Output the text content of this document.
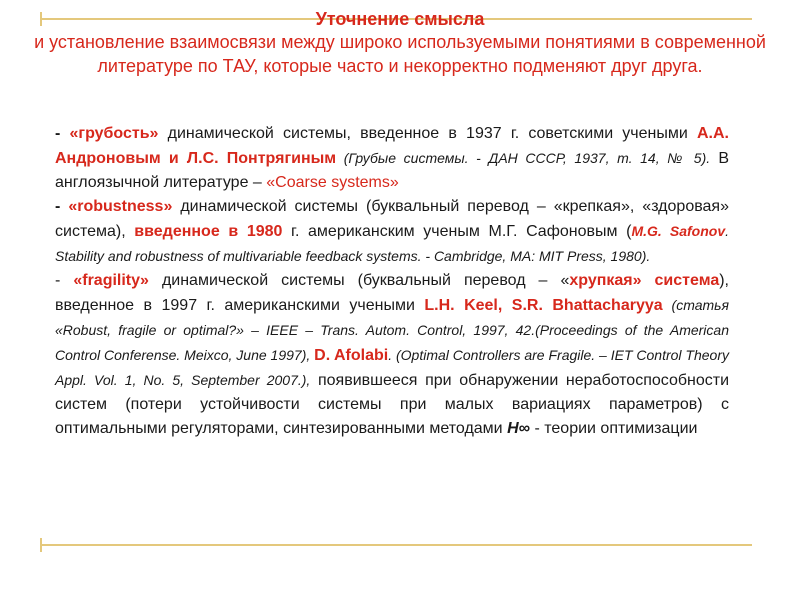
Уточнение смысла
и установление взаимосвязи между широко используемыми понятиями в современной литературе по ТАУ, которые часто и некорректно подменяют друг друга.

- «грубость» динамической системы, введенное в 1937 г. советскими учеными А.А. Андроновым и Л.С. Понтрягиным (Грубые системы. - ДАН СССР, 1937, т. 14, № 5). В англоязычной литературе – «Coarse systems»

- «robustness» динамической системы (буквальный перевод – «крепкая», «здоровая» система), введенное в 1980 г. американским ученым М.Г. Сафоновым (M.G. Safonov. Stability and robustness of multivariable feedback systems. - Cambridge, MA: MIT Press, 1980).

- «fragility» динамической системы (буквальный перевод – «хрупкая» система), введенное в 1997 г. американскими учеными L.H. Keel, S.R. Bhattacharyya (статья «Robust, fragile or optimal?» – IEEE – Trans. Autom. Control, 1997, 42.(Proceedings of the American Control Conferense. Meixco, June 1997), D. Afolabi. (Optimal Controllers are Fragile. – IET Control Theory Appl. Vol. 1, No. 5, September 2007.), появившееся при обнаружении неработоспособности систем (потери устойчивости системы при малых вариациях параметров) с оптимальными регуляторами, синтезированными методами H∞ - теории оптимизации
